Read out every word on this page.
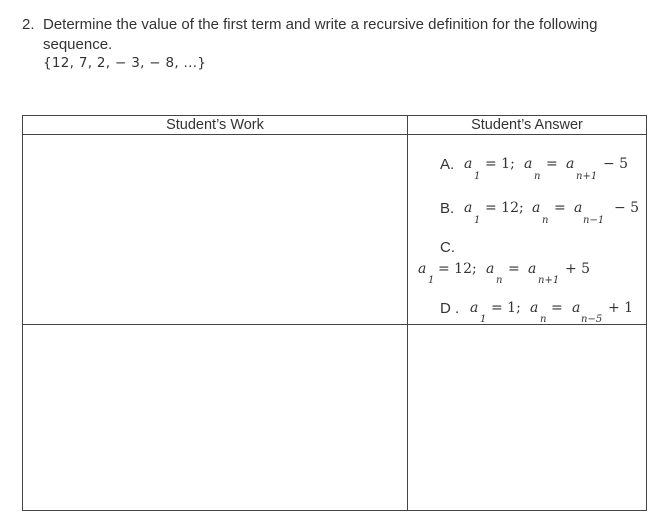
2. Determine the value of the first term and write a recursive definition for the following sequence.
{12, 7, 2, − 3, − 8, ...}
Student’s Work	Student’s Answer
A. a
1
= 1; a
n
= a
n+1
− 5
B. a
1
= 12; a
n
= a
n−1
− 5
C.
a
1
= 12; a
n
= a
n+1
+ 5
D . a
1
= 1; a
n
= a
n−5
+ 1
